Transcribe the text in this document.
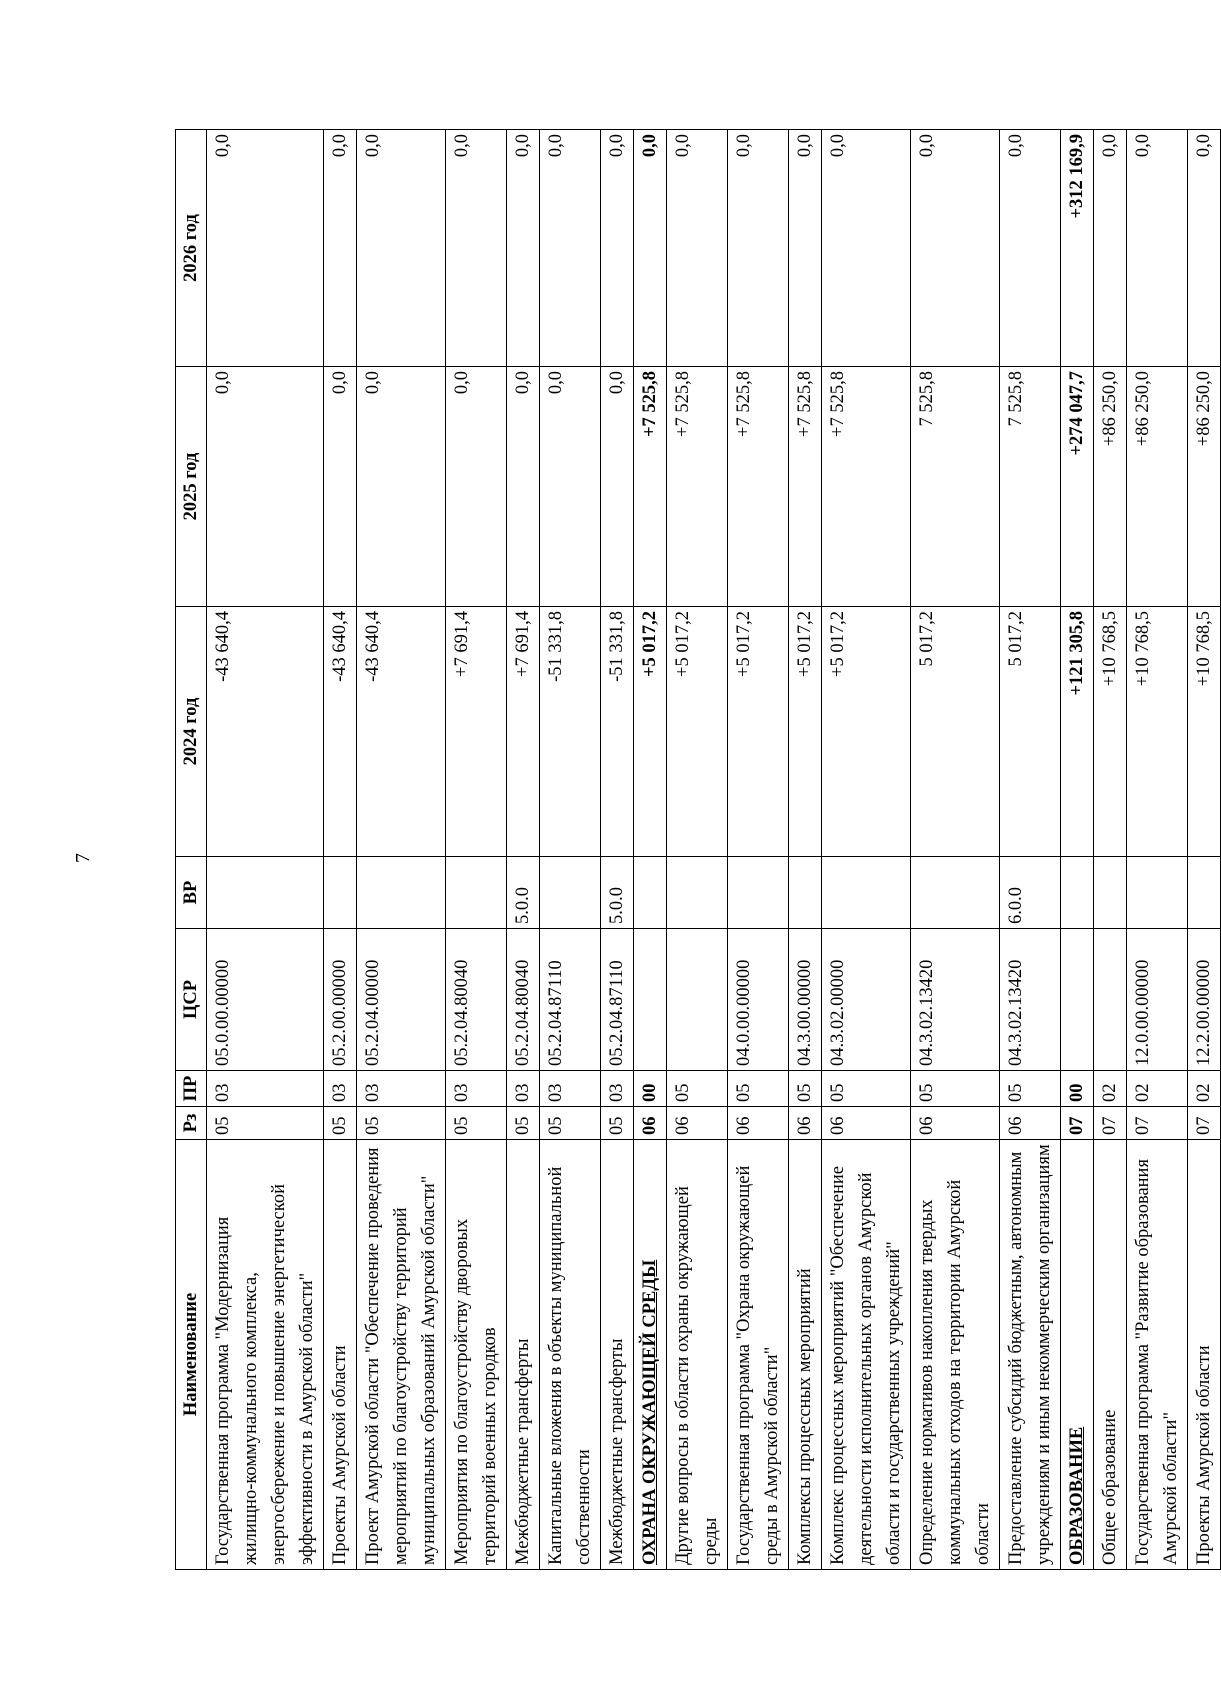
7
Наименование	Рз	ПР	ЦСР	ВР	2024 год	2025 год	2026 год
Государственная программа "Модернизация жилищно-коммунального комплекса, энергосбережение и повышение энергетической эффективности в Амурской области"	05	03	05.0.00.00000		-43 640,4	0,0	0,0
Проекты Амурской области	05	03	05.2.00.00000		-43 640,4	0,0	0,0
Проект Амурской области "Обеспечение проведения мероприятий по благоустройству территорий муниципальных образований Амурской области"	05	03	05.2.04.00000		-43 640,4	0,0	0,0
Мероприятия по благоустройству дворовых территорий военных городков	05	03	05.2.04.80040		+7 691,4	0,0	0,0
Межбюджетные трансферты	05	03	05.2.04.80040	5.0.0	+7 691,4	0,0	0,0
Капитальные вложения в объекты муниципальной собственности	05	03	05.2.04.87110		-51 331,8	0,0	0,0
Межбюджетные трансферты	05	03	05.2.04.87110	5.0.0	-51 331,8	0,0	0,0
ОХРАНА ОКРУЖАЮЩЕЙ СРЕДЫ	06	00			+5 017,2	+7 525,8	0,0
Другие вопросы в области охраны окружающей среды	06	05			+5 017,2	+7 525,8	0,0
Государственная программа "Охрана окружающей среды в Амурской области"	06	05	04.0.00.00000		+5 017,2	+7 525,8	0,0
Комплексы процессных мероприятий	06	05	04.3.00.00000		+5 017,2	+7 525,8	0,0
Комплекс процессных мероприятий "Обеспечение деятельности исполнительных органов Амурской области и государственных учреждений"	06	05	04.3.02.00000		+5 017,2	+7 525,8	0,0
Определение нормативов накопления твердых коммунальных отходов на территории Амурской области	06	05	04.3.02.13420		5 017,2	7 525,8	0,0
Предоставление субсидий бюджетным, автономным учреждениям и иным некоммерческим организациям	06	05	04.3.02.13420	6.0.0	5 017,2	7 525,8	0,0
ОБРАЗОВАНИЕ	07	00			+121 305,8	+274 047,7	+312 169,9
Общее образование	07	02			+10 768,5	+86 250,0	0,0
Государственная программа "Развитие образования Амурской области"	07	02	12.0.00.00000		+10 768,5	+86 250,0	0,0
Проекты Амурской области	07	02	12.2.00.00000		+10 768,5	+86 250,0	0,0
